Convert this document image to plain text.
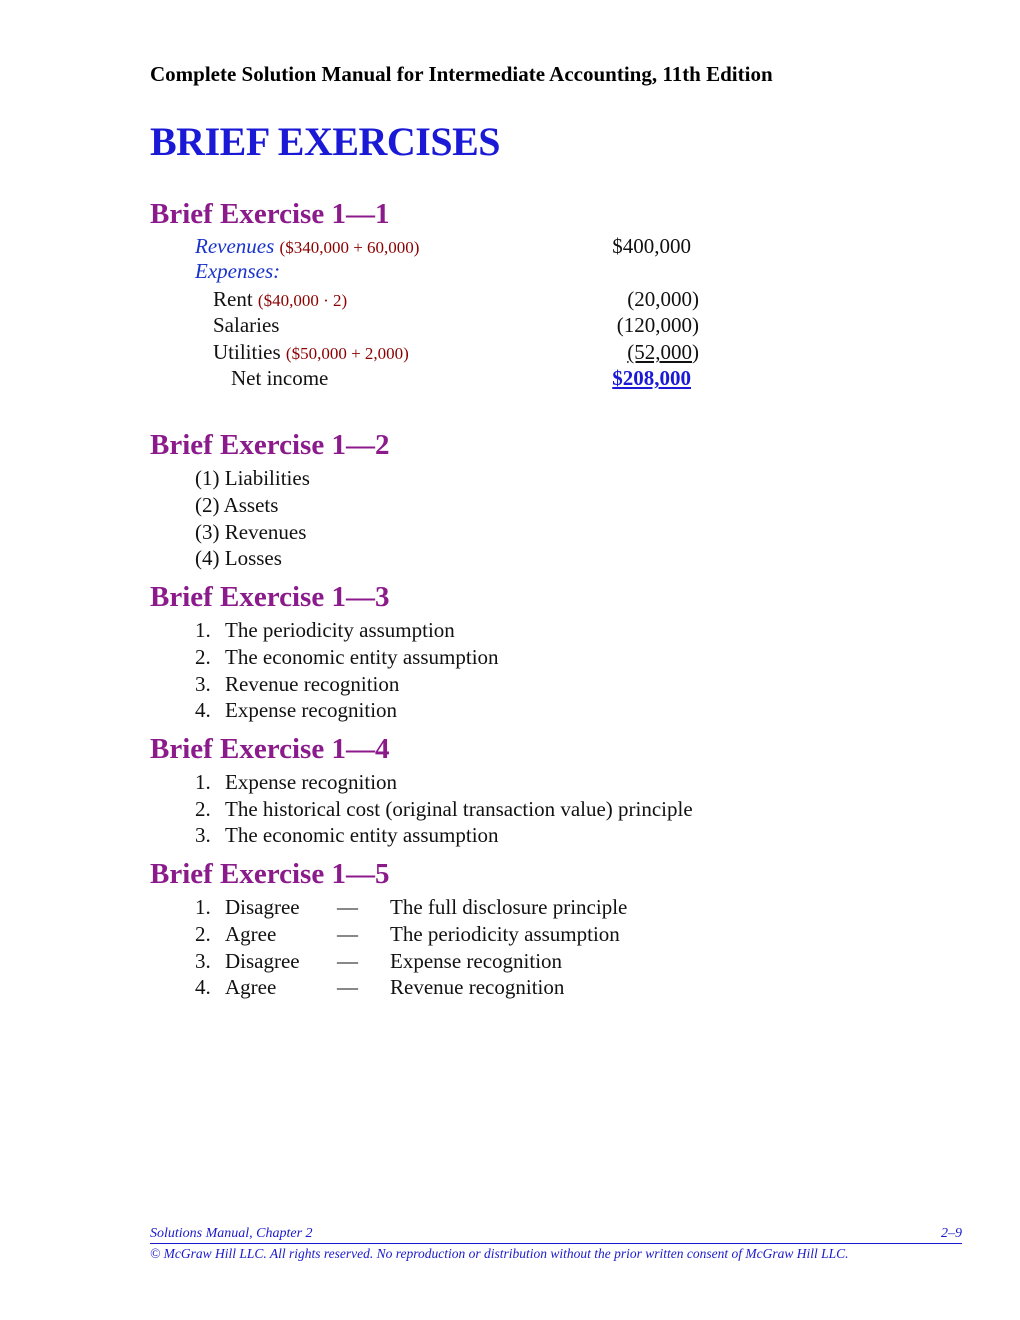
Complete Solution Manual for Intermediate Accounting, 11th Edition
BRIEF EXERCISES
Brief Exercise 1—1
Revenues ($340,000 + 60,000)	$400,000
Expenses:
Rent ($40,000 · 2)	(20,000)
Salaries	(120,000)
Utilities ($50,000 + 2,000)	(52,000)
Net income	$208,000
Brief Exercise 1—2
(1) Liabilities
(2) Assets
(3) Revenues
(4) Losses
Brief Exercise 1—3
1. The periodicity assumption
2. The economic entity assumption
3. Revenue recognition
4. Expense recognition
Brief Exercise 1—4
1. Expense recognition
2. The historical cost (original transaction value) principle
3. The economic entity assumption
Brief Exercise 1—5
1. Disagree — The full disclosure principle
2. Agree	— The periodicity assumption
3. Disagree — Expense recognition
4. Agree	— Revenue recognition
Solutions Manual, Chapter 2	2–9
© McGraw Hill LLC. All rights reserved. No reproduction or distribution without the prior written consent of McGraw Hill LLC.
